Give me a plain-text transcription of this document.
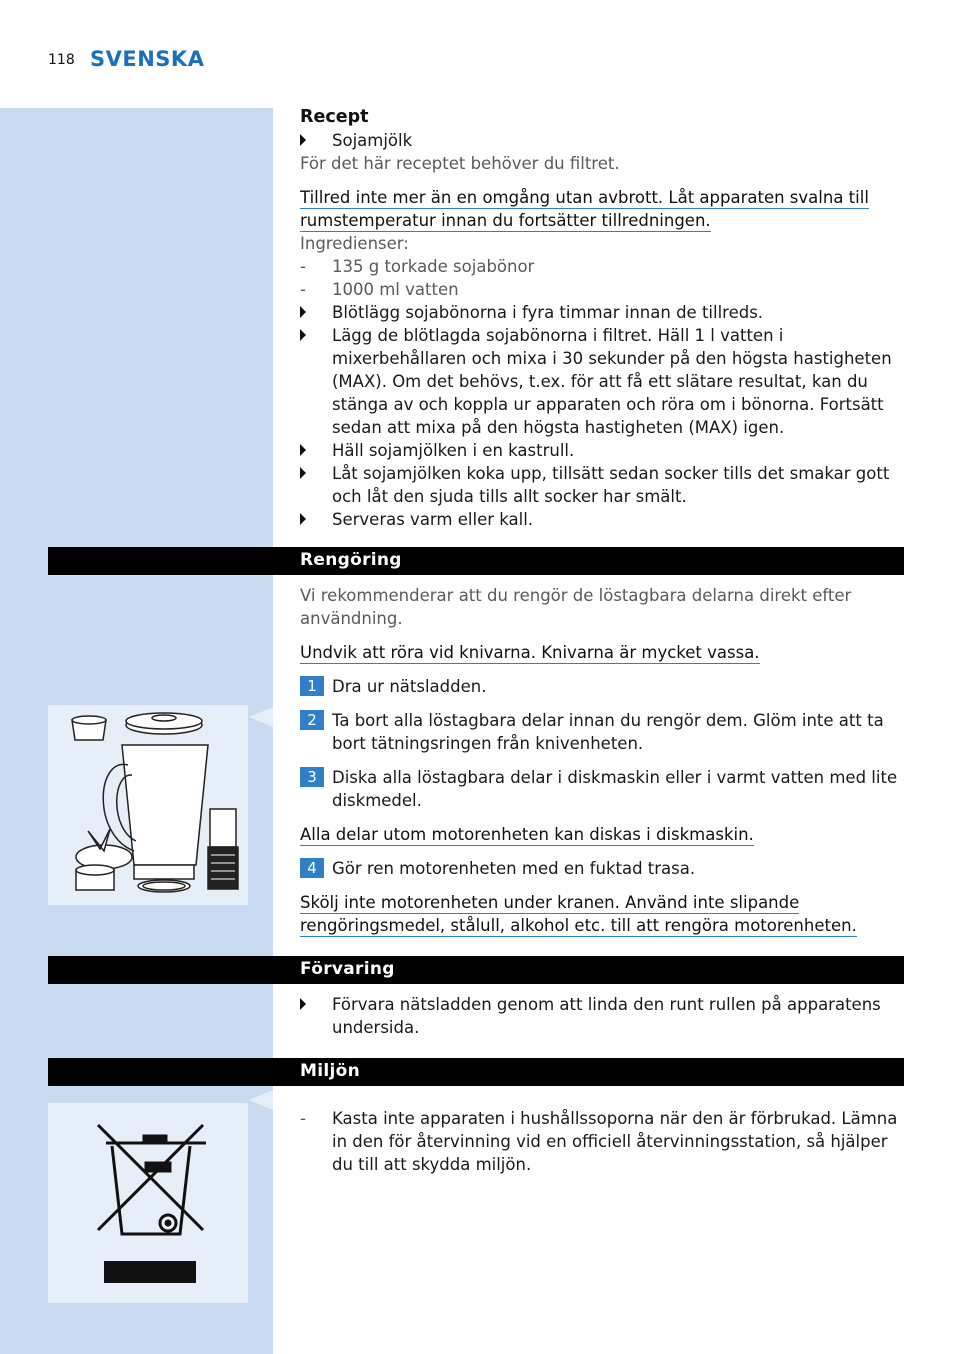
118 SVENSKA
Recept
Sojamjölk
För det här receptet behöver du filtret.
Tillred inte mer än en omgång utan avbrott. Låt apparaten svalna till
rumstemperatur innan du fortsätter tillredningen.
Ingredienser:
- 135 g torkade sojabönor
- 1000 ml vatten
Blötlägg sojabönorna i fyra timmar innan de tillreds.
Lägg de blötlagda sojabönorna i filtret. Häll 1 l vatten i mixerbehållaren och mixa i 30 sekunder på den högsta hastigheten (MAX). Om det behövs, t.ex. för att få ett slätare resultat, kan du stänga av och koppla ur apparaten och röra om i bönorna. Fortsätt sedan att mixa på den högsta hastigheten (MAX) igen.
Häll sojamjölken i en kastrull.
Låt sojamjölken koka upp, tillsätt sedan socker tills det smakar gott och låt den sjuda tills allt socker har smält.
Serveras varm eller kall.
Rengöring
Vi rekommenderar att du rengör de löstagbara delarna direkt efter användning.
Undvik att röra vid knivarna. Knivarna är mycket vassa.
1 Dra ur nätsladden.
2 Ta bort alla löstagbara delar innan du rengör dem. Glöm inte att ta bort tätningsringen från knivenheten.
3 Diska alla löstagbara delar i diskmaskin eller i varmt vatten med lite diskmedel.
Alla delar utom motorenheten kan diskas i diskmaskin.
4 Gör ren motorenheten med en fuktad trasa.
Skölj inte motorenheten under kranen. Använd inte slipande
rengöringsmedel, stålull, alkohol etc. till att rengöra motorenheten.
Förvaring
Förvara nätsladden genom att linda den runt rullen på apparatens undersida.
Miljön
- Kasta inte apparaten i hushållssoporna när den är förbrukad. Lämna in den för återvinning vid en officiell återvinningsstation, så hjälper du till att skydda miljön.
